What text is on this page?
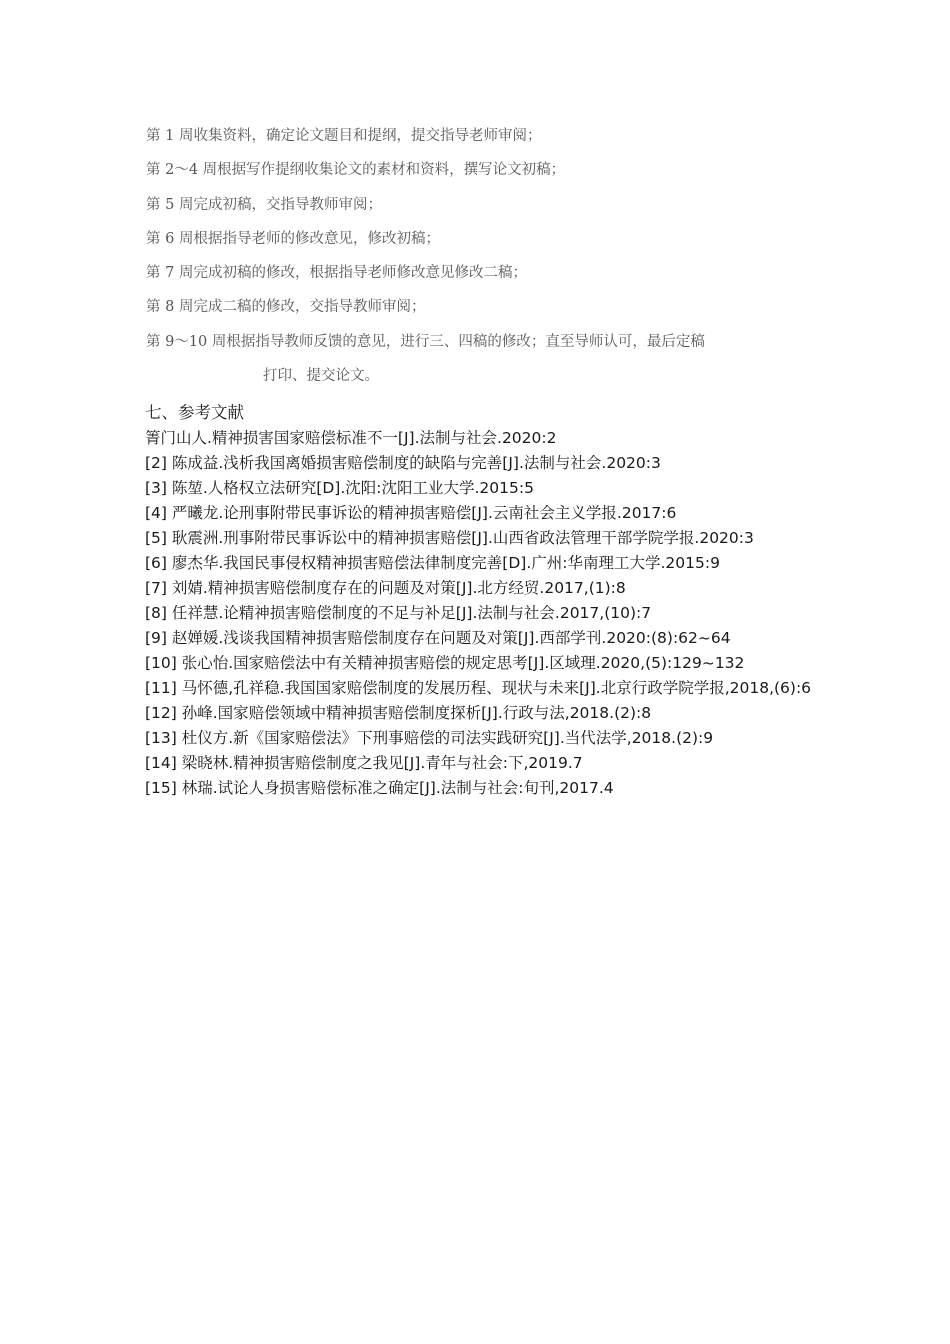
第 1 周收集资料，确定论文题目和提纲，提交指导老师审阅；
第 2～4 周根据写作提纲收集论文的素材和资料，撰写论文初稿；
第 5 周完成初稿，交指导教师审阅；
第 6 周根据指导老师的修改意见，修改初稿；
第 7 周完成初稿的修改，根据指导老师修改意见修改二稿；
第 8 周完成二稿的修改，交指导教师审阅；
第 9～10 周根据指导教师反馈的意见，进行三、四稿的修改；直至导师认可，最后定稿
打印、提交论文。
七、参考文献
箐门山人.精神损害国家赔偿标准不一[J].法制与社会.2020:2
[2] 陈成益.浅析我国离婚损害赔偿制度的缺陷与完善[J].法制与社会.2020:3
[3] 陈堃.人格权立法研究[D].沈阳:沈阳工业大学.2015:5
[4] 严曦龙.论刑事附带民事诉讼的精神损害赔偿[J].云南社会主义学报.2017:6
[5] 耿震洲.刑事附带民事诉讼中的精神损害赔偿[J].山西省政法管理干部学院学报.2020:3
[6] 廖杰华.我国民事侵权精神损害赔偿法律制度完善[D].广州:华南理工大学.2015:9
[7] 刘婧.精神损害赔偿制度存在的问题及对策[J].北方经贸.2017,(1):8
[8] 任祥慧.论精神损害赔偿制度的不足与补足[J].法制与社会.2017,(10):7
[9] 赵婵媛.浅谈我国精神损害赔偿制度存在问题及对策[J].西部学刊.2020:(8):62~64
[10] 张心怡.国家赔偿法中有关精神损害赔偿的规定思考[J].区域理.2020,(5):129~132
[11] 马怀德,孔祥稳.我国国家赔偿制度的发展历程、现状与未来[J].北京行政学院学报,2018,(6):6
[12] 孙峰.国家赔偿领域中精神损害赔偿制度探析[J].行政与法,2018.(2):8
[13] 杜仪方.新《国家赔偿法》下刑事赔偿的司法实践研究[J].当代法学,2018.(2):9
[14] 梁晓林.精神损害赔偿制度之我见[J].青年与社会:下,2019.7
[15] 林瑞.试论人身损害赔偿标准之确定[J].法制与社会:旬刊,2017.4
